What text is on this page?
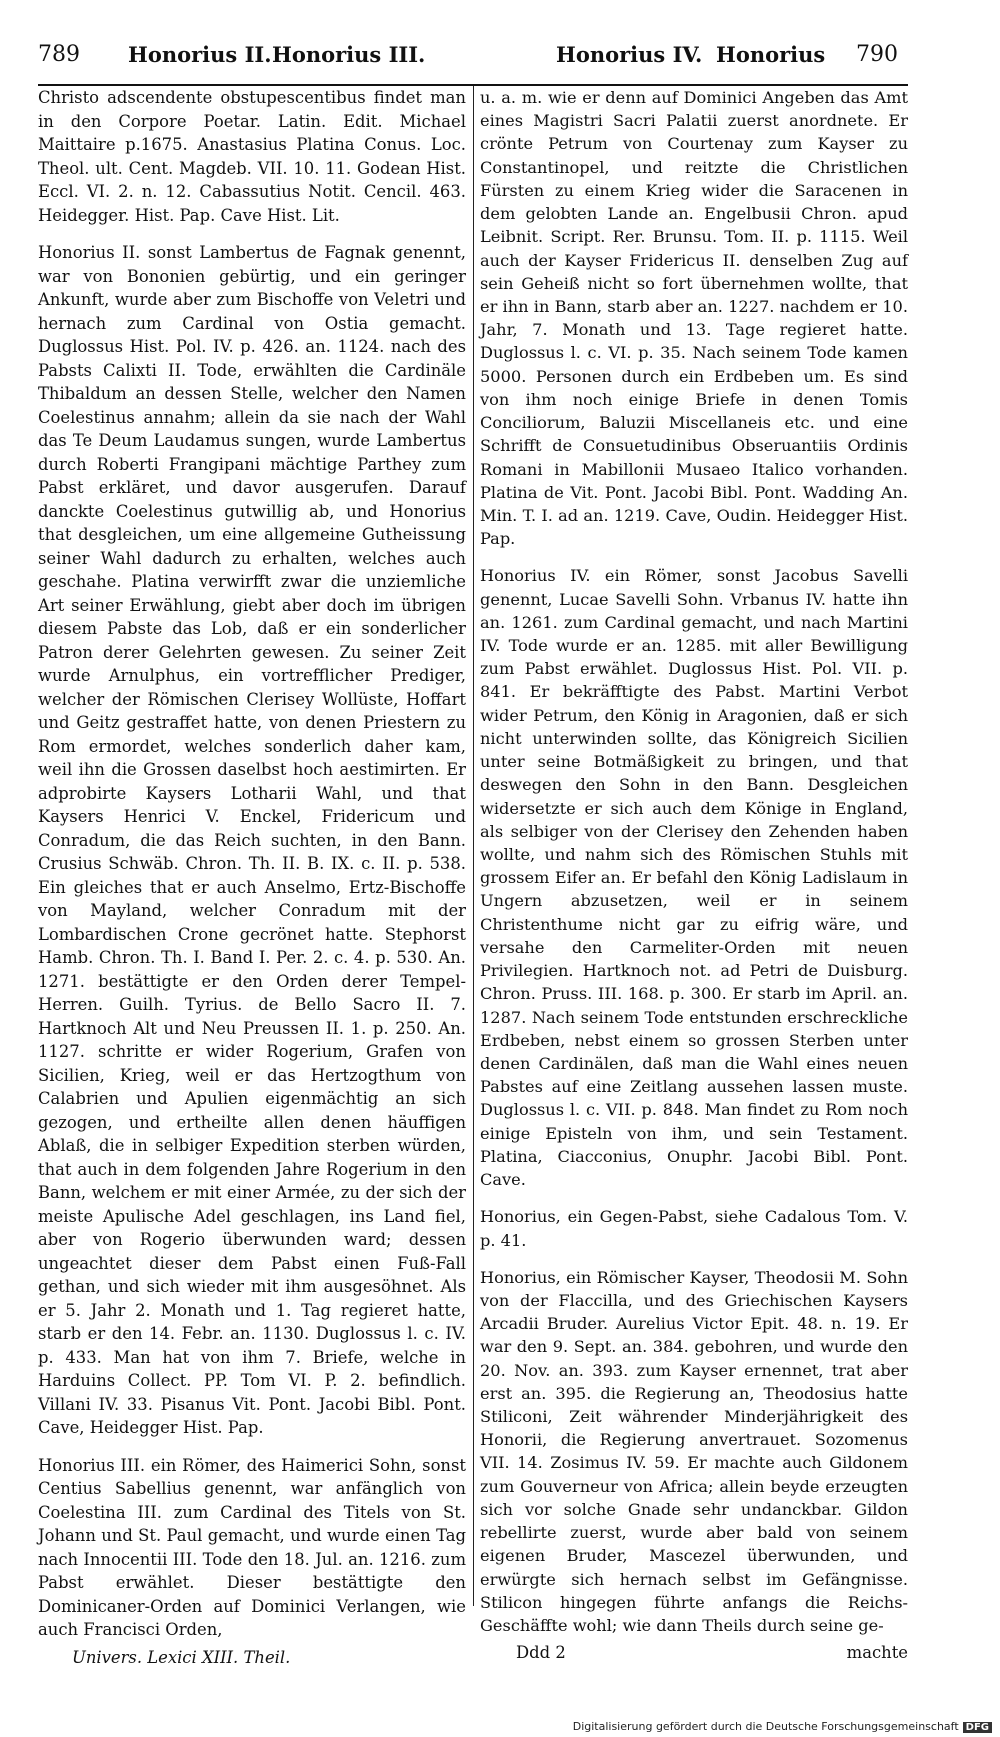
789 Honorius II. Honorius III.	Honorius IV. Honorius 790

Christo adscendente obstupescentibus findet man in den Corpore Poetar. Latin. Edit. Michael Maittaire p.1675. Anastasius Platina Conus. Loc. Theol. ult. Cent. Magdeb. VII. 10. 11. Godean Hist. Eccl. VI. 2. n. 12. Cabassutius Notit. Cencil. 463. Heidegger. Hist. Pap. Cave Hist. Lit.

Honorius II. sonst Lambertus de Fagnak genennt, war von Bononien gebürtig, und ein geringer Ankunft, wurde aber zum Bischoffe von Veletri und hernach zum Cardinal von Ostia gemacht. Duglossus Hist. Pol. IV. p. 426. an. 1124. nach des Pabsts Calixti II. Tode, erwählten die Cardinäle Thibaldum an dessen Stelle, welcher den Namen Coelestinus annahm; allein da sie nach der Wahl das Te Deum Laudamus sungen, wurde Lambertus durch Roberti Frangipani mächtige Parthey zum Pabst erkläret, und davor ausgerufen. Darauf danckte Coelestinus gutwillig ab, und Honorius that desgleichen, um eine allgemeine Gutheissung seiner Wahl dadurch zu erhalten, welches auch geschahe. Platina verwirfft zwar die unziemliche Art seiner Erwählung, giebt aber doch im übrigen diesem Pabste das Lob, daß er ein sonderlicher Patron derer Gelehrten gewesen. Zu seiner Zeit wurde Arnulphus, ein vortrefflicher Prediger, welcher der Römischen Clerisey Wollüste, Hoffart und Geitz gestraffet hatte, von denen Priestern zu Rom ermordet, welches sonderlich daher kam, weil ihn die Grossen daselbst hoch aestimirten. Er adprobirte Kaysers Lotharii Wahl, und that Kaysers Henrici V. Enckel, Fridericum und Conradum, die das Reich suchten, in den Bann. Crusius Schwäb. Chron. Th. II. B. IX. c. II. p. 538. Ein gleiches that er auch Anselmo, Ertz-Bischoffe von Mayland, welcher Conradum mit der Lombardischen Crone gecrönet hatte. Stephorst Hamb. Chron. Th. I. Band I. Per. 2. c. 4. p. 530. An. 1271. bestättigte er den Orden derer Tempel-Herren. Guilh. Tyrius. de Bello Sacro II. 7. Hartknoch Alt und Neu Preussen II. 1. p. 250. An. 1127. schritte er wider Rogerium, Grafen von Sicilien, Krieg, weil er das Hertzogthum von Calabrien und Apulien eigenmächtig an sich gezogen, und ertheilte allen denen häuffigen Ablaß, die in selbiger Expedition sterben würden, that auch in dem folgenden Jahre Rogerium in den Bann, welchem er mit einer Armée, zu der sich der meiste Apulische Adel geschlagen, ins Land fiel, aber von Rogerio überwunden ward; dessen ungeachtet dieser dem Pabst einen Fuß-Fall gethan, und sich wieder mit ihm ausgesöhnet. Als er 5. Jahr 2. Monath und 1. Tag regieret hatte, starb er den 14. Febr. an. 1130. Duglossus l. c. IV. p. 433. Man hat von ihm 7. Briefe, welche in Harduins Collect. PP. Tom VI. P. 2. befindlich. Villani IV. 33. Pisanus Vit. Pont. Jacobi Bibl. Pont. Cave, Heidegger Hist. Pap.

Honorius III. ein Römer, des Haimerici Sohn, sonst Centius Sabellius genennt, war anfänglich von Coelestina III. zum Cardinal des Titels von St. Johann und St. Paul gemacht, und wurde einen Tag nach Innocentii III. Tode den 18. Jul. an. 1216. zum Pabst erwählet. Dieser bestättigte den Dominicaner-Orden auf Dominici Verlangen, wie auch Francisci Orden,

Univers. Lexici XIII. Theil.

u. a. m. wie er denn auf Dominici Angeben das Amt eines Magistri Sacri Palatii zuerst anordnete. Er crönte Petrum von Courtenay zum Kayser zu Constantinopel, und reitzte die Christlichen Fürsten zu einem Krieg wider die Saracenen in dem gelobten Lande an. Engelbusii Chron. apud Leibnit. Script. Rer. Brunsu. Tom. II. p. 1115. Weil auch der Kayser Fridericus II. denselben Zug auf sein Geheiß nicht so fort übernehmen wollte, that er ihn in Bann, starb aber an. 1227. nachdem er 10. Jahr, 7. Monath und 13. Tage regieret hatte. Duglossus l. c. VI. p. 35. Nach seinem Tode kamen 5000. Personen durch ein Erdbeben um. Es sind von ihm noch einige Briefe in denen Tomis Conciliorum, Baluzii Miscellaneis etc. und eine Schrifft de Consuetudinibus Obseruantiis Ordinis Romani in Mabillonii Musaeo Italico vorhanden. Platina de Vit. Pont. Jacobi Bibl. Pont. Wadding An. Min. T. I. ad an. 1219. Cave, Oudin. Heidegger Hist. Pap.

Honorius IV. ein Römer, sonst Jacobus Savelli genennt, Lucae Savelli Sohn. Vrbanus IV. hatte ihn an. 1261. zum Cardinal gemacht, und nach Martini IV. Tode wurde er an. 1285. mit aller Bewilligung zum Pabst erwählet. Duglossus Hist. Pol. VII. p. 841. Er bekräfftigte des Pabst. Martini Verbot wider Petrum, den König in Aragonien, daß er sich nicht unterwinden sollte, das Königreich Sicilien unter seine Botmäßigkeit zu bringen, und that deswegen den Sohn in den Bann. Desgleichen widersetzte er sich auch dem Könige in England, als selbiger von der Clerisey den Zehenden haben wollte, und nahm sich des Römischen Stuhls mit grossem Eifer an. Er befahl den König Ladislaum in Ungern abzusetzen, weil er in seinem Christenthume nicht gar zu eifrig wäre, und versahe den Carmeliter-Orden mit neuen Privilegien. Hartknoch not. ad Petri de Duisburg. Chron. Pruss. III. 168. p. 300. Er starb im April. an. 1287. Nach seinem Tode entstunden erschreckliche Erdbeben, nebst einem so grossen Sterben unter denen Cardinälen, daß man die Wahl eines neuen Pabstes auf eine Zeitlang aussehen lassen muste. Duglossus l. c. VII. p. 848. Man findet zu Rom noch einige Episteln von ihm, und sein Testament. Platina, Ciacconius, Onuphr. Jacobi Bibl. Pont. Cave.

Honorius, ein Gegen-Pabst, siehe Cadalous Tom. V. p. 41.

Honorius, ein Römischer Kayser, Theodosii M. Sohn von der Flaccilla, und des Griechischen Kaysers Arcadii Bruder. Aurelius Victor Epit. 48. n. 19. Er war den 9. Sept. an. 384. gebohren, und wurde den 20. Nov. an. 393. zum Kayser ernennet, trat aber erst an. 395. die Regierung an, Theodosius hatte Stiliconi, Zeit währender Minderjährigkeit des Honorii, die Regierung anvertrauet. Sozomenus VII. 14. Zosimus IV. 59. Er machte auch Gildonem zum Gouverneur von Africa; allein beyde erzeugten sich vor solche Gnade sehr undanckbar. Gildon rebellirte zuerst, wurde aber bald von seinem eigenen Bruder, Mascezel überwunden, und erwürgte sich hernach selbst im Gefängnisse. Stilicon hingegen führte anfangs die Reichs-Geschäffte wohl; wie dann Theils durch seine ge-

Ddd 2	machte
Digitalisierung gefördert durch die Deutsche Forschungsgemeinschaft DFG
